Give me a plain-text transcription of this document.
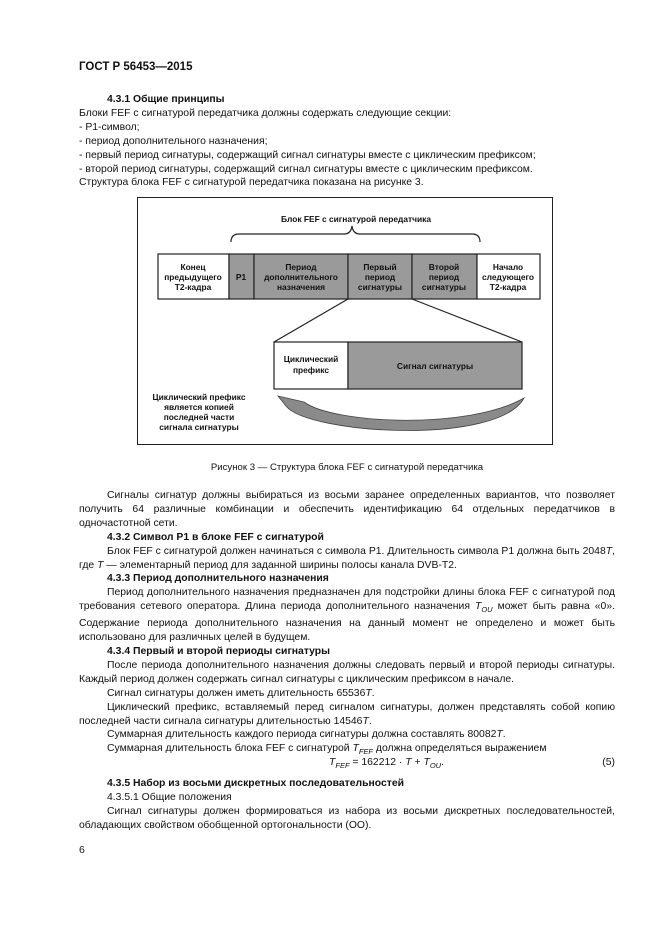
ГОСТ Р 56453—2015

4.3.1 Общие принципы

Блоки FEF с сигнатурой передатчика должны содержать следующие секции:

- Р1-символ;

- период дополнительного назначения;

- первый период сигнатуры, содержащий сигнал сигнатуры вместе с циклическим префиксом;

- второй период сигнатуры, содержащий сигнал сигнатуры вместе с циклическим префиксом.

Структура блока FEF с сигнатурой передатчика показана на рисунке 3.

Блок FEF с сигнатурой передатчика
Конец
предыдущего
Т2-кадра
Р1
Период
дополнительного
назначения
Первый
период
сигнатуры
Второй
период
сигнатуры
Начало
следующего
Т2-кадра
Циклический
префикс	Сигнал сигнатуры
Циклический префикс
является копией
последней части
сигнала сигнатуры
Рисунок 3 — Структура блока FEF с сигнатурой передатчика

Сигналы сигнатур должны выбираться из восьми заранее определенных вариантов, что позволяет получить 64 различные комбинации и обеспечить идентификацию 64 отдельных передатчиков в одночастотной сети.

4.3.2 Символ Р1 в блоке FEF с сигнатурой

Блок FEF с сигнатурой должен начинаться с символа Р1. Длительность символа Р1 должна быть 2048T, где T — элементарный период для заданной ширины полосы канала DVB-T2.

4.3.3 Период дополнительного назначения

Период дополнительного назначения предназначен для подстройки длины блока FEF с сигнатурой под требования сетевого оператора. Длина периода дополнительного назначения $T_{OU}$ может быть равна «0». Содержание периода дополнительного назначения на данный момент не определено и может быть использовано для различных целей в будущем.

4.3.4 Первый и второй периоды сигнатуры

После периода дополнительного назначения должны следовать первый и второй периоды сигнатуры. Каждый период должен содержать сигнал сигнатуры с циклическим префиксом в начале.

Сигнал сигнатуры должен иметь длительность 65536T.

Циклический префикс, вставляемый перед сигналом сигнатуры, должен представлять собой копию последней части сигнала сигнатуры длительностью 14546T.

Суммарная длительность каждого периода сигнатуры должна составлять 80082T.

Суммарная длительность блока FEF с сигнатурой $T_{FEF}$ должна определяться выражением

$T_{FEF} = 162212 \cdot T + T_{OU}$.	(5)

4.3.5 Набор из восьми дискретных последовательностей

4.3.5.1 Общие положения

Сигнал сигнатуры должен формироваться из набора из восьми дискретных последовательностей, обладающих свойством обобщенной ортогональности (ОО).

6
